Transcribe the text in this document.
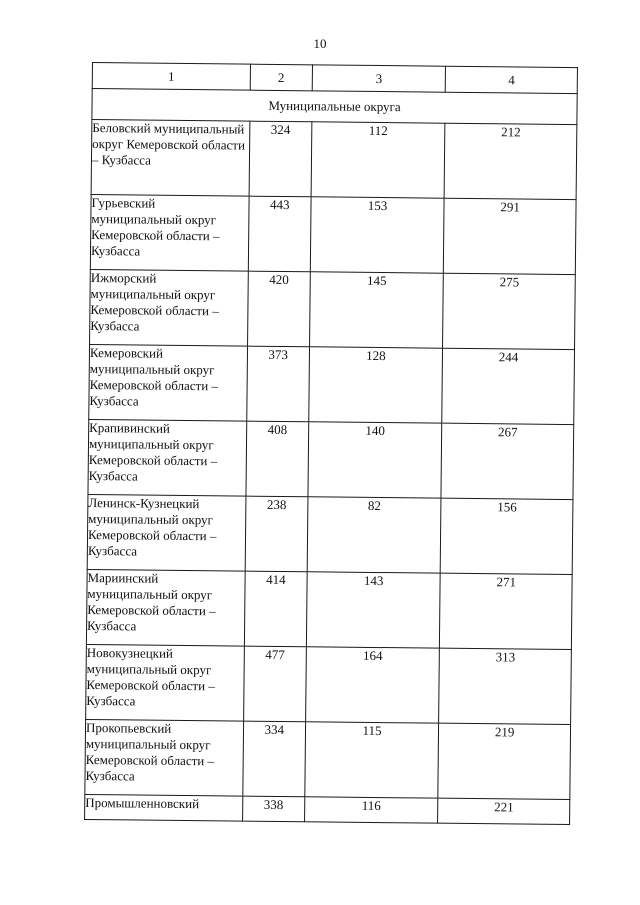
10
1	2	3	4
Муниципальные округа			
Беловский муниципальный округ Кемеровской области – Кузбасса	324	112	212
Гурьевский муниципальный округ Кемеровской области – Кузбасса	443	153	291
Ижморский муниципальный округ Кемеровской области – Кузбасса	420	145	275
Кемеровский муниципальный округ Кемеровской области – Кузбасса	373	128	244
Крапивинский муниципальный округ Кемеровской области – Кузбасса	408	140	267
Ленинск-Кузнецкий муниципальный округ Кемеровской области – Кузбасса	238	82	156
Мариинский муниципальный округ Кемеровской области – Кузбасса	414	143	271
Новокузнецкий муниципальный округ Кемеровской области – Кузбасса	477	164	313
Прокопьевский муниципальный округ Кемеровской области – Кузбасса	334	115	219
Промышленновский	338	116	221
